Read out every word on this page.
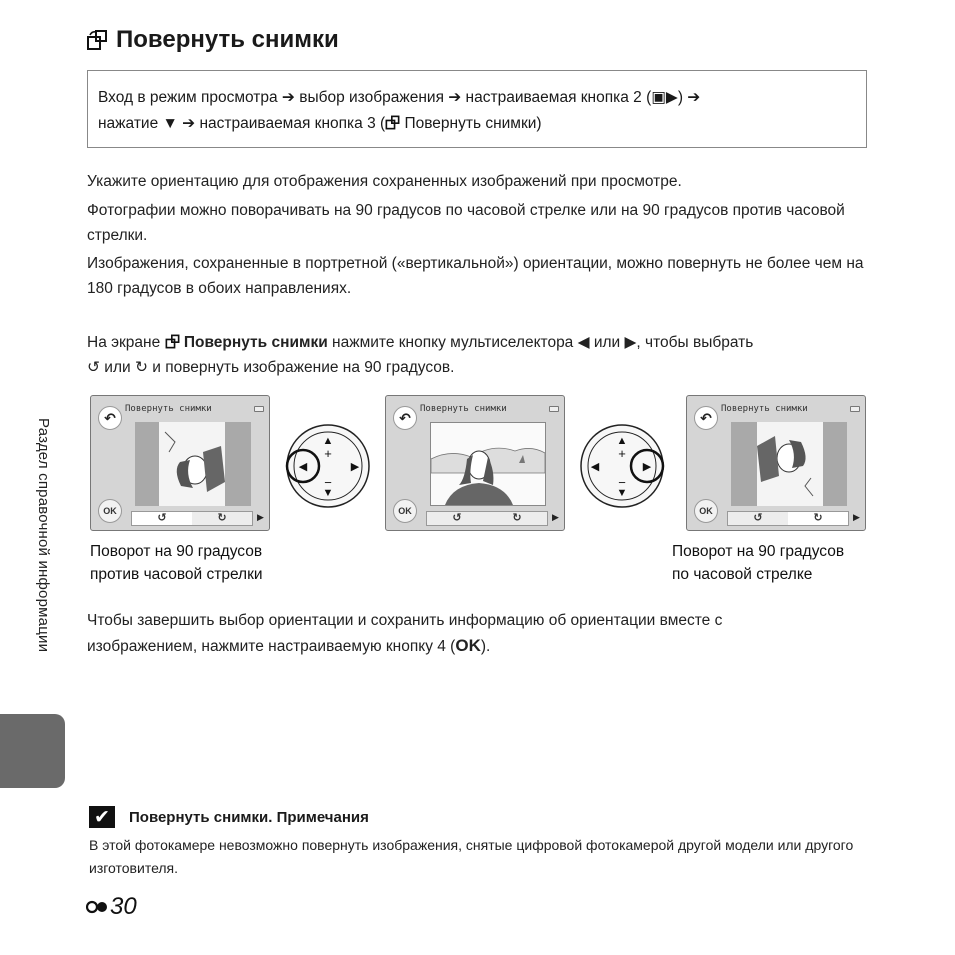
Повернуть снимки
Вход в режим просмотра ➔ выбор изображения ➔ настраиваемая кнопка 2 (▣▶) ➔
нажатие ▼ ➔ настраиваемая кнопка 3 ( Повернуть снимки)
Укажите ориентацию для отображения сохраненных изображений при просмотре.
Фотографии можно поворачивать на 90 градусов по часовой стрелке или на 90 градусов против часовой стрелки.
Изображения, сохраненные в портретной («вертикальной») ориентации, можно повернуть не более чем на 180 градусов в обоих направлениях.
На экране  Повернуть снимки нажмите кнопку мультиселектора ◀ или ▶, чтобы выбрать
↺ или ↻ и повернуть изображение на 90 градусов.
Раздел справочной информации
↶
Повернуть снимки
OK
↺	↻	▶
▲
▼
◀	▶
+
−
↶
Повернуть снимки
OK
↺	↻	▶
▲
▼
◀	▶
+
−
↶
Повернуть снимки
OK
↺	↻	▶
Поворот на 90 градусов
против часовой стрелки
Поворот на 90 градусов
по часовой стрелке
Чтобы завершить выбор ориентации и сохранить информацию об ориентации вместе с
изображением, нажмите настраиваемую кнопку 4 (OK).
✔	Повернуть снимки. Примечания
В этой фотокамере невозможно повернуть изображения, снятые цифровой фотокамерой другой модели или другого изготовителя.
30
